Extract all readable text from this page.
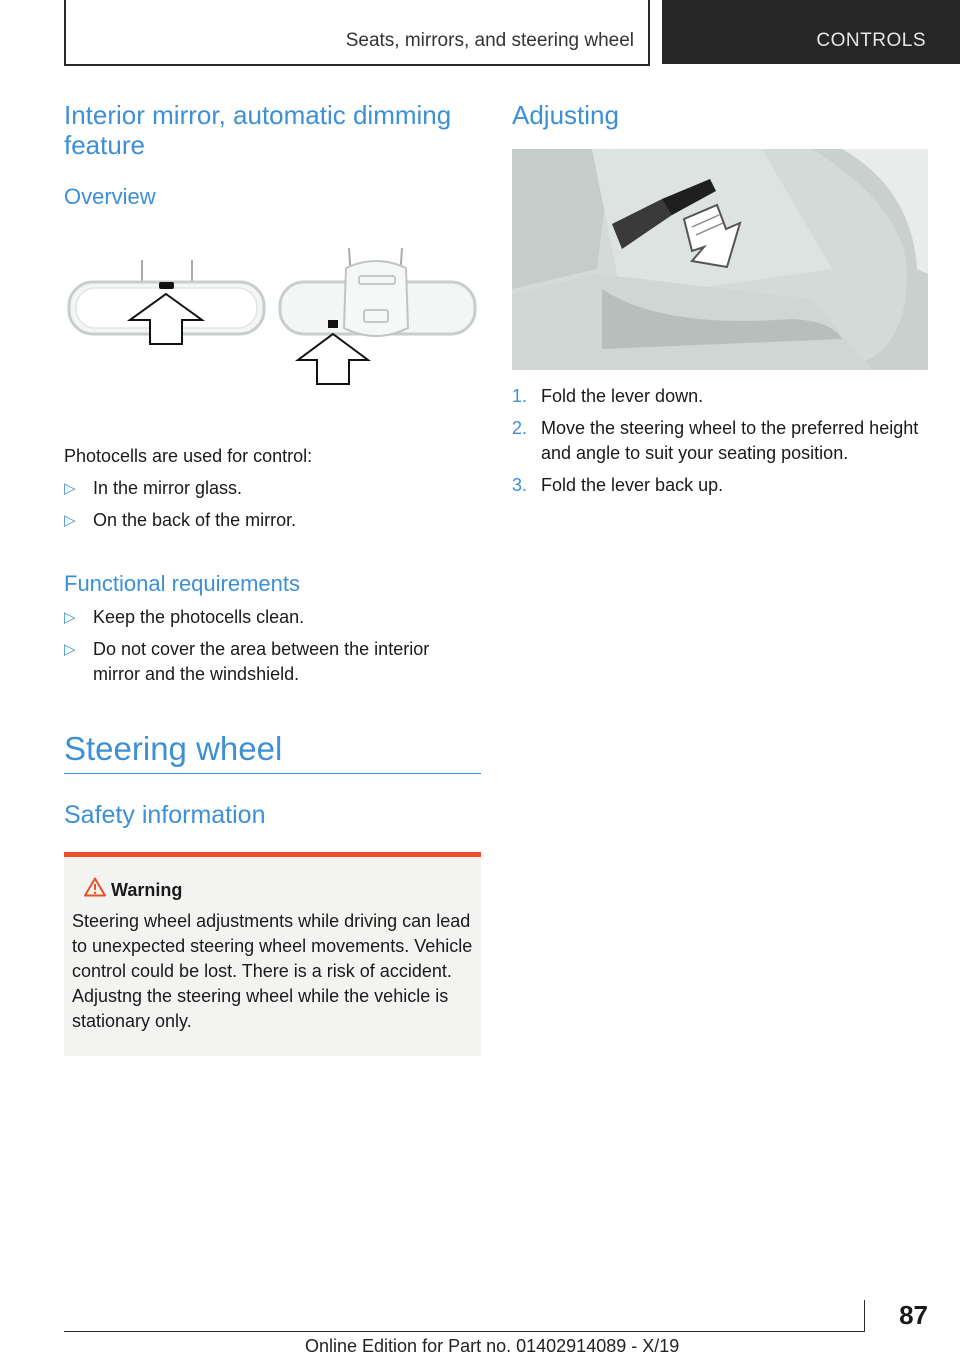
Seats, mirrors, and steering wheel	CONTROLS
Interior mirror, automatic dimming
feature
Overview
Photocells are used for control:
▷ In the mirror glass.
▷ On the back of the mirror.
Functional requirements
▷ Keep the photocells clean.
▷ Do not cover the area between the interior mirror and the windshield.
Steering wheel
Safety information
Warning
Steering wheel adjustments while driving can lead to unexpected steering wheel movements. Vehicle control could be lost. There is a risk of accident. Adjustng the steering wheel while the vehicle is stationary only.
Adjusting
1. Fold the lever down.
2. Move the steering wheel to the preferred height and angle to suit your seating position.
3. Fold the lever back up.
87
Online Edition for Part no. 01402914089 - X/19
